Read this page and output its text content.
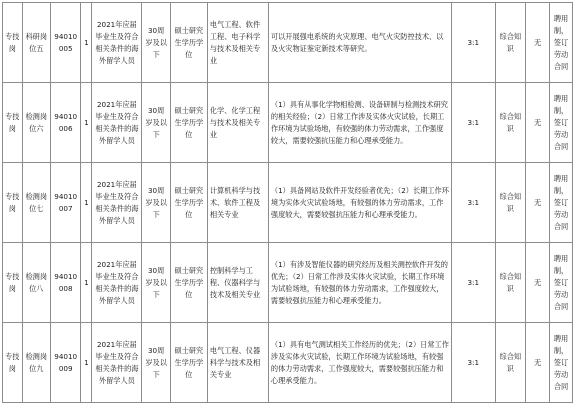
专技岗	科研岗位五	94010005	1	2021年应届毕业生及符合相关条件的海外留学人员	30周岁及以下	硕士研究生学历学位	电气工程、软件工程、电子科学与技术及相关专业	可以开展强电系统的火灾原理、电气火灾防控技术、以及火灾物证鉴定新技术等研究。	3:1	综合知识	无	聘用制，签订劳动合同
专技岗	检测岗位六	94010006	1	2021年应届毕业生及符合相关条件的海外留学人员	30周岁及以下	硕士研究生学历学位	化学、化学工程与技术及相关专业	（1）具有从事化学物相检测、设备研制与检测技术研究的相关经验；（2）日常工作涉及实体火灾试验，长期工作环境为试验场地，有较强的体力劳动需求，工作强度较大，需要较强抗压能力和心理承受能力。	3:1	综合知识	无	聘用制，签订劳动合同
专技岗	检测岗位七	94010007	1	2021年应届毕业生及符合相关条件的海外留学人员	30周岁及以下	硕士研究生学历学位	计算机科学与技术、软件工程及相关专业	（1）具备网站及软件开发经验者优先；（2）长期工作环境为实体火灾试验场地，有较强的体力劳动需求，工作强度较大，需要较强抗压能力和心理承受能力。	3:1	综合知识	无	聘用制，签订劳动合同
专技岗	检测岗位八	94010008	1	2021年应届毕业生及符合相关条件的海外留学人员	30周岁及以下	硕士研究生学历学位	控制科学与工程、仪器科学与技术及相关专业	（1）有涉及智能仪器的研究经历及相关测控软件开发的优先；（2）日常工作涉及实体火灾试验，长期工作环境为试验场地，有较强的体力劳动需求，工作强度较大，需要较强抗压能力和心理承受能力。	3:1	综合知识	无	聘用制，签订劳动合同
专技岗	检测岗位九	94010009	1	2021年应届毕业生及符合相关条件的海外留学人员	30周岁及以下	硕士研究生学历学位	电气工程、仪器科学与技术及相关专业	（1）具有电气测试相关工作经历的优先；（2）日常工作涉及实体火灾试验，长期工作环境为试验场地，有较强的体力劳动需求，工作强度较大，需要较强抗压能力和心理承受能力。	3:1	综合知识	无	聘用制，签订劳动合同
